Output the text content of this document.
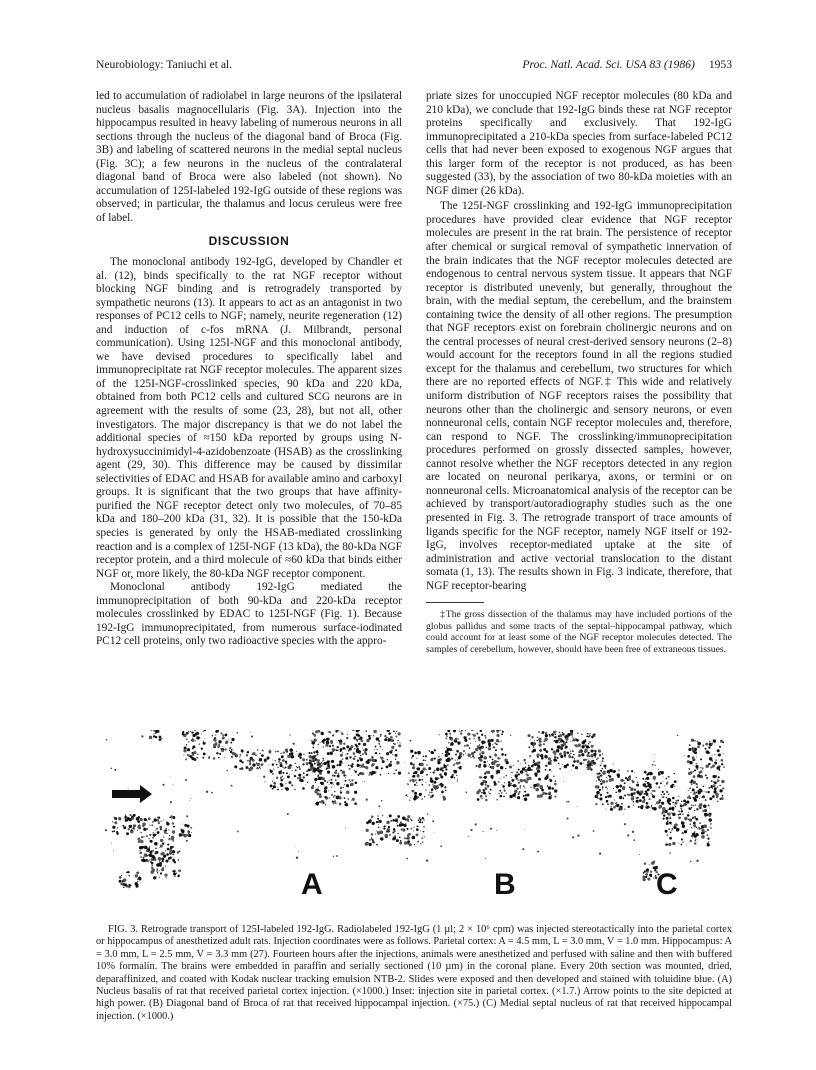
Neurobiology: Taniuchi et al.	Proc. Natl. Acad. Sci. USA 83 (1986) 1953

led to accumulation of radiolabel in large neurons of the ipsilateral nucleus basalis magnocellularis (Fig. 3A). Injection into the hippocampus resulted in heavy labeling of numerous neurons in all sections through the nucleus of the diagonal band of Broca (Fig. 3B) and labeling of scattered neurons in the medial septal nucleus (Fig. 3C); a few neurons in the nucleus of the contralateral diagonal band of Broca were also labeled (not shown). No accumulation of 125I-labeled 192-IgG outside of these regions was observed; in particular, the thalamus and locus ceruleus were free of label.

DISCUSSION

The monoclonal antibody 192-IgG, developed by Chandler et al. (12), binds specifically to the rat NGF receptor without blocking NGF binding and is retrogradely transported by sympathetic neurons (13). It appears to act as an antagonist in two responses of PC12 cells to NGF; namely, neurite regeneration (12) and induction of c-fos mRNA (J. Milbrandt, personal communication). Using 125I-NGF and this monoclonal antibody, we have devised procedures to specifically label and immunoprecipitate rat NGF receptor molecules. The apparent sizes of the 125I-NGF-crosslinked species, 90 kDa and 220 kDa, obtained from both PC12 cells and cultured SCG neurons are in agreement with the results of some (23, 28), but not all, other investigators. The major discrepancy is that we do not label the additional species of ≈150 kDa reported by groups using N-hydroxysuccinimidyl-4-azidobenzoate (HSAB) as the crosslinking agent (29, 30). This difference may be caused by dissimilar selectivities of EDAC and HSAB for available amino and carboxyl groups. It is significant that the two groups that have affinity-purified the NGF receptor detect only two molecules, of 70–85 kDa and 180–200 kDa (31, 32). It is possible that the 150-kDa species is generated by only the HSAB-mediated crosslinking reaction and is a complex of 125I-NGF (13 kDa), the 80-kDa NGF receptor protein, and a third molecule of ≈60 kDa that binds either NGF or, more likely, the 80-kDa NGF receptor component.

Monoclonal antibody 192-IgG mediated the immunoprecipitation of both 90-kDa and 220-kDa receptor molecules crosslinked by EDAC to 125I-NGF (Fig. 1). Because 192-IgG immunoprecipitated, from numerous surface-iodinated PC12 cell proteins, only two radioactive species with the appro-

priate sizes for unoccupied NGF receptor molecules (80 kDa and 210 kDa), we conclude that 192-IgG binds these rat NGF receptor proteins specifically and exclusively. That 192-IgG immunoprecipitated a 210-kDa species from surface-labeled PC12 cells that had never been exposed to exogenous NGF argues that this larger form of the receptor is not produced, as has been suggested (33), by the association of two 80-kDa moieties with an NGF dimer (26 kDa).

The 125I-NGF crosslinking and 192-IgG immunoprecipitation procedures have provided clear evidence that NGF receptor molecules are present in the rat brain. The persistence of receptor after chemical or surgical removal of sympathetic innervation of the brain indicates that the NGF receptor molecules detected are endogenous to central nervous system tissue. It appears that NGF receptor is distributed unevenly, but generally, throughout the brain, with the medial septum, the cerebellum, and the brainstem containing twice the density of all other regions. The presumption that NGF receptors exist on forebrain cholinergic neurons and on the central processes of neural crest-derived sensory neurons (2–8) would account for the receptors found in all the regions studied except for the thalamus and cerebellum, two structures for which there are no reported effects of NGF.‡ This wide and relatively uniform distribution of NGF receptors raises the possibility that neurons other than the cholinergic and sensory neurons, or even nonneuronal cells, contain NGF receptor molecules and, therefore, can respond to NGF. The crosslinking/immunoprecipitation procedures performed on grossly dissected samples, however, cannot resolve whether the NGF receptors detected in any region are located on neuronal perikarya, axons, or termini or on nonneuronal cells. Microanatomical analysis of the receptor can be achieved by transport/autoradiography studies such as the one presented in Fig. 3. The retrograde transport of trace amounts of ligands specific for the NGF receptor, namely NGF itself or 192-IgG, involves receptor-mediated uptake at the site of administration and active vectorial translocation to the distant somata (1, 13). The results shown in Fig. 3 indicate, therefore, that NGF receptor-bearing

‡The gross dissection of the thalamus may have included portions of the globus pallidus and some tracts of the septal–hippocampal pathway, which could account for at least some of the NGF receptor molecules detected. The samples of cerebellum, however, should have been free of extraneous tissues.

A	B	C

FIG. 3. Retrograde transport of 125I-labeled 192-IgG. Radiolabeled 192-IgG (1 µl; 2 × 10⁶ cpm) was injected stereotactically into the parietal cortex or hippocampus of anesthetized adult rats. Injection coordinates were as follows. Parietal cortex: A = 4.5 mm, L = 3.0 mm, V = 1.0 mm. Hippocampus: A = 3.0 mm, L = 2.5 mm, V = 3.3 mm (27). Fourteen hours after the injections, animals were anesthetized and perfused with saline and then with buffered 10% formalin. The brains were embedded in paraffin and serially sectioned (10 µm) in the coronal plane. Every 20th section was mounted, dried, deparaffinized, and coated with Kodak nuclear tracking emulsion NTB-2. Slides were exposed and then developed and stained with toluidine blue. (A) Nucleus basalis of rat that received parietal cortex injection. (×1000.) Inset: injection site in parietal cortex. (×1.7.) Arrow points to the site depicted at high power. (B) Diagonal band of Broca of rat that received hippocampal injection. (×75.) (C) Medial septal nucleus of rat that received hippocampal injection. (×1000.)
